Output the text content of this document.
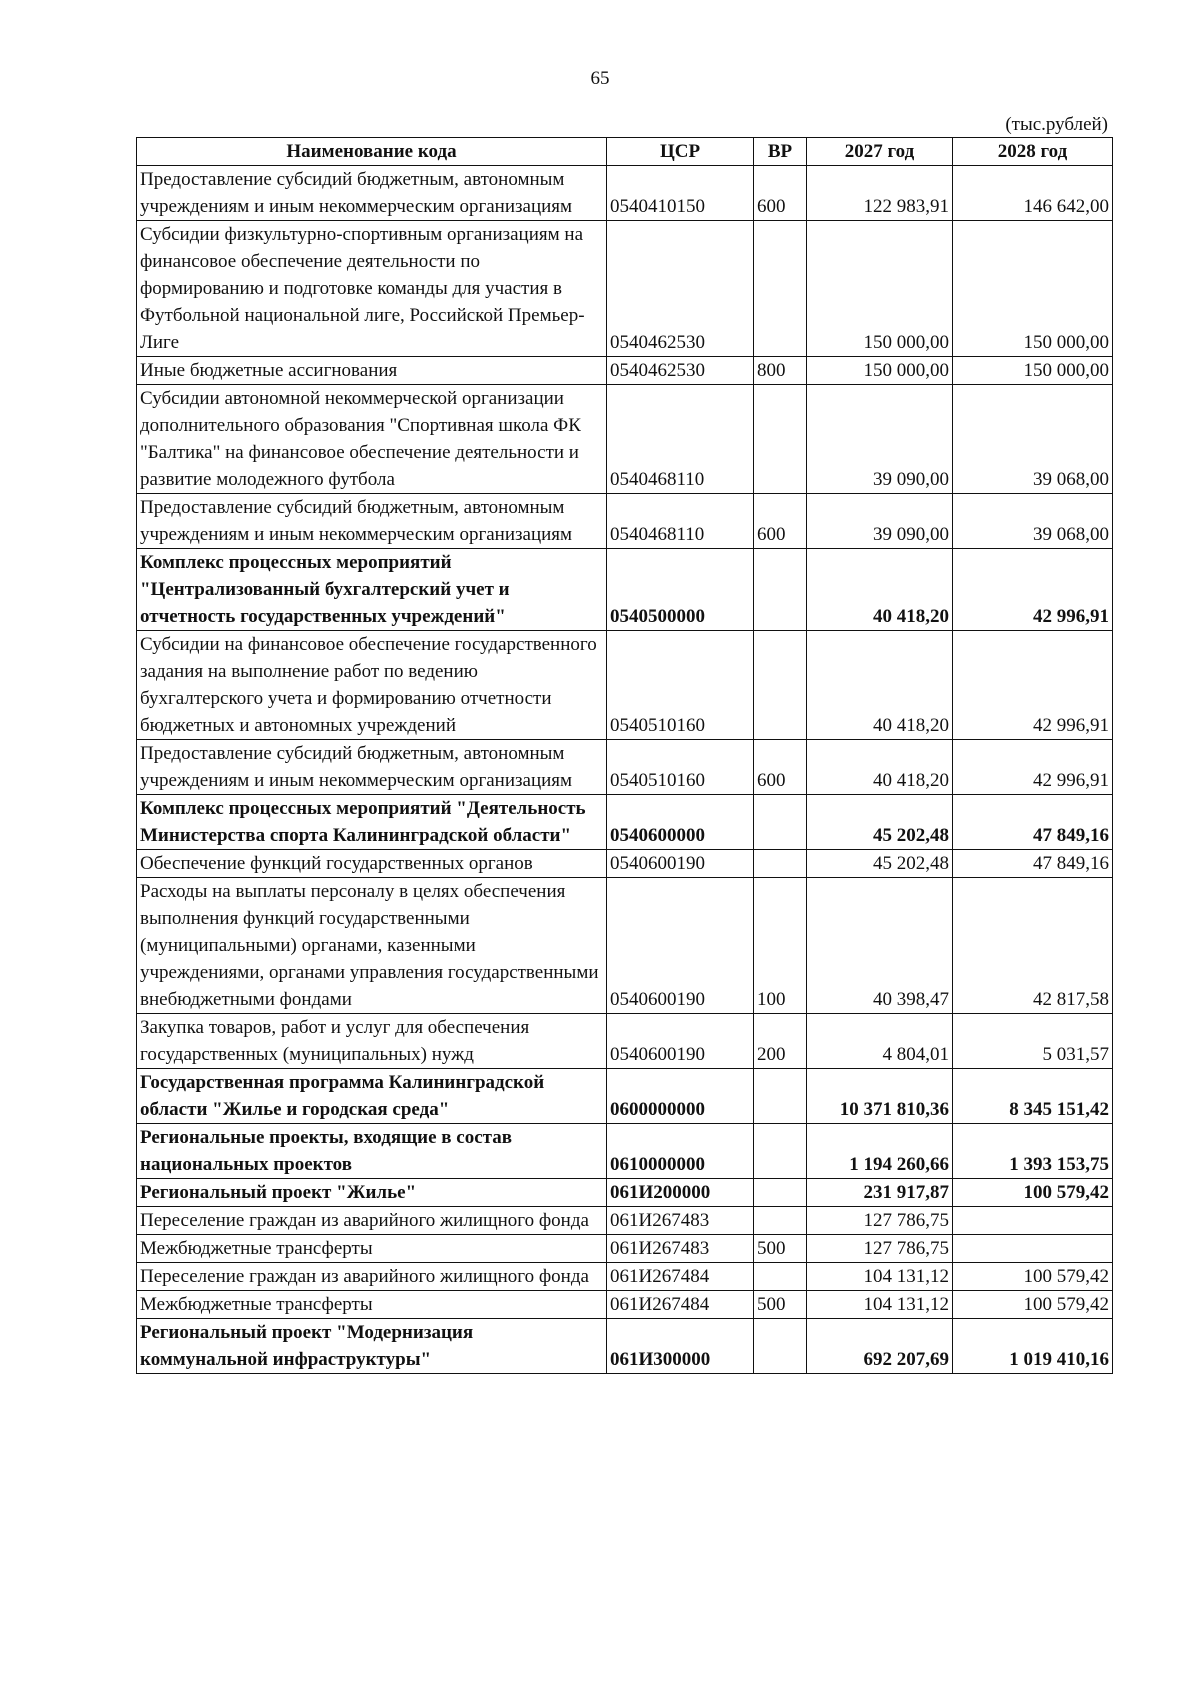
65
(тыс.рублей)
Наименование кода	ЦСР	ВР	2027 год	2028 год
Предоставление субсидий бюджетным, автономным учреждениям и иным некоммерческим организациям	0540410150	600	122 983,91	146 642,00
Субсидии физкультурно-спортивным организациям на финансовое обеспечение деятельности по формированию и подготовке команды для участия в Футбольной национальной лиге, Российской Премьер-Лиге	0540462530		150 000,00	150 000,00
Иные бюджетные ассигнования	0540462530	800	150 000,00	150 000,00
Субсидии автономной некоммерческой организации дополнительного образования "Спортивная школа ФК "Балтика" на финансовое обеспечение деятельности и развитие молодежного футбола	0540468110		39 090,00	39 068,00
Предоставление субсидий бюджетным, автономным учреждениям и иным некоммерческим организациям	0540468110	600	39 090,00	39 068,00
Комплекс процессных мероприятий "Централизованный бухгалтерский учет и отчетность государственных учреждений"	0540500000		40 418,20	42 996,91
Субсидии на финансовое обеспечение государственного задания на выполнение работ по ведению бухгалтерского учета и формированию отчетности бюджетных и автономных учреждений	0540510160		40 418,20	42 996,91
Предоставление субсидий бюджетным, автономным учреждениям и иным некоммерческим организациям	0540510160	600	40 418,20	42 996,91
Комплекс процессных мероприятий "Деятельность Министерства спорта Калининградской области"	0540600000		45 202,48	47 849,16
Обеспечение функций государственных органов	0540600190		45 202,48	47 849,16
Расходы на выплаты персоналу в целях обеспечения выполнения функций государственными (муниципальными) органами, казенными учреждениями, органами управления государственными внебюджетными фондами	0540600190	100	40 398,47	42 817,58
Закупка товаров, работ и услуг для обеспечения государственных (муниципальных) нужд	0540600190	200	4 804,01	5 031,57
Государственная программа Калининградской области "Жилье и городская среда"	0600000000		10 371 810,36	8 345 151,42
Региональные проекты, входящие в состав национальных проектов	0610000000		1 194 260,66	1 393 153,75
Региональный проект "Жилье"	061И200000		231 917,87	100 579,42
Переселение граждан из аварийного жилищного фонда	061И267483		127 786,75	
Межбюджетные трансферты	061И267483	500	127 786,75	
Переселение граждан из аварийного жилищного фонда	061И267484		104 131,12	100 579,42
Межбюджетные трансферты	061И267484	500	104 131,12	100 579,42
Региональный проект "Модернизация коммунальной инфраструктуры"	061И300000		692 207,69	1 019 410,16
